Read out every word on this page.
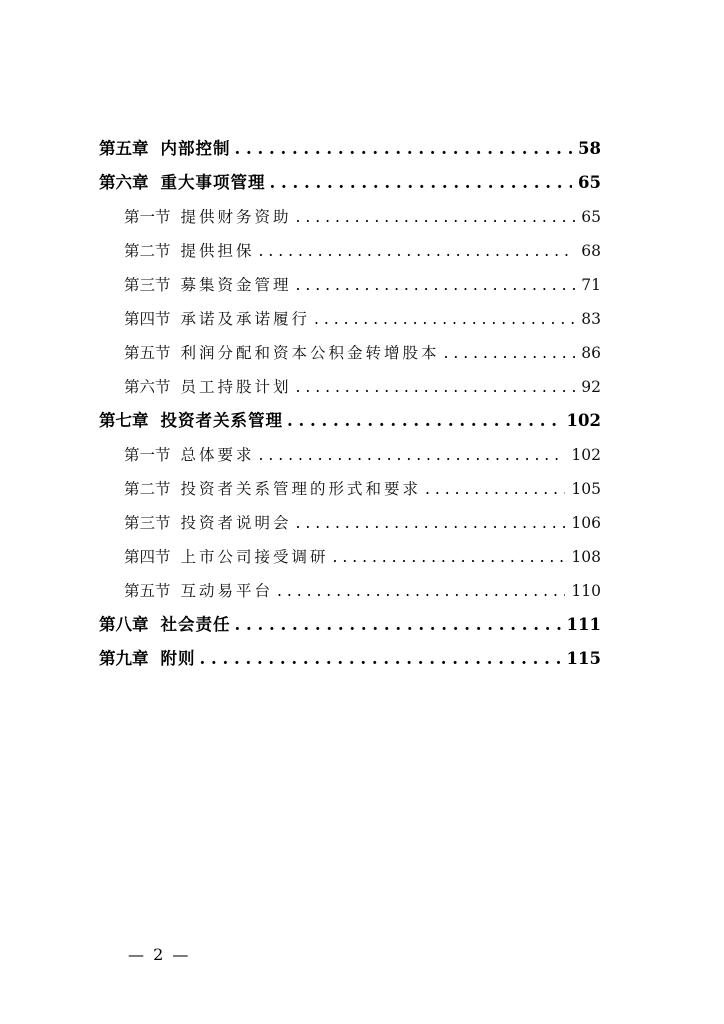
第五章 内部控制 . . .	58
第六章 重大事项管理 . . .	65
第一节 提供财务资助 . . .	65
第二节 提供担保 . . .	68
第三节 募集资金管理 . . .	71
第四节 承诺及承诺履行 . . .	83
第五节 利润分配和资本公积金转增股本 . . .	86
第六节 员工持股计划 . . .	92
第七章 投资者关系管理 . . .	102
第一节 总体要求 . . .	102
第二节 投资者关系管理的形式和要求 . . .	105
第三节 投资者说明会 . . .	106
第四节 上市公司接受调研 . . .	108
第五节 互动易平台 . . .	110
第八章 社会责任 . . .	111
第九章 附则 . . .	115
— 2 —
